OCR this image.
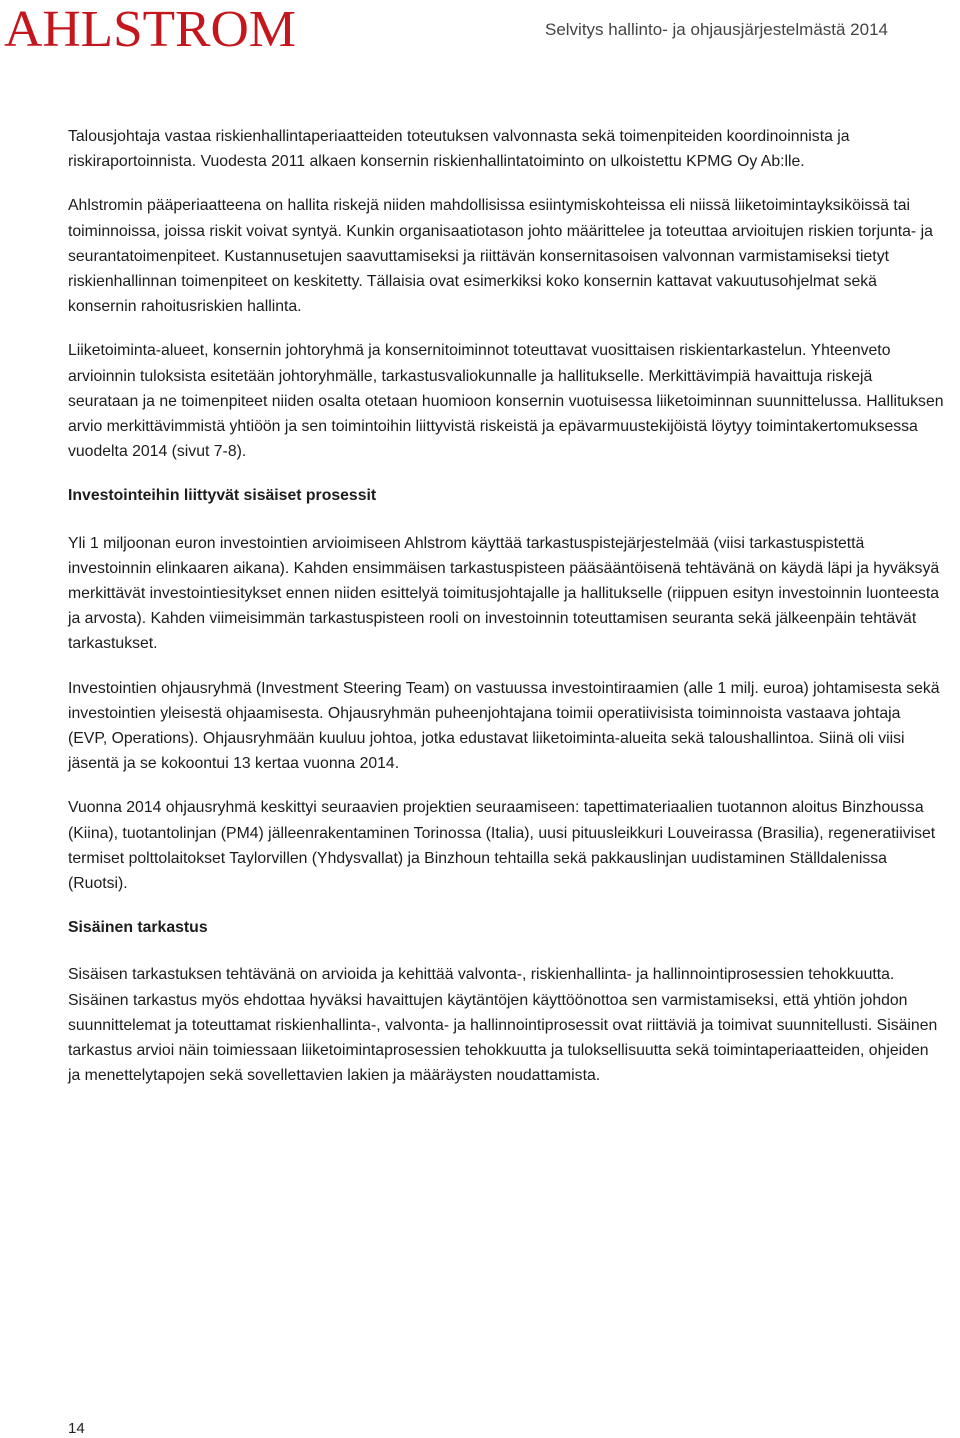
AHLSTROM	Selvitys hallinto- ja ohjausjärjestelmästä 2014

Talousjohtaja vastaa riskienhallintaperiaatteiden toteutuksen valvonnasta sekä toimenpiteiden koordinoinnista ja riskiraportoinnista. Vuodesta 2011 alkaen konsernin riskienhallintatoiminto on ulkoistettu KPMG Oy Ab:lle.

Ahlstromin pääperiaatteena on hallita riskejä niiden mahdollisissa esiintymiskohteissa eli niissä liiketoimintayksiköissä tai toiminnoissa, joissa riskit voivat syntyä. Kunkin organisaatiotason johto määrittelee ja toteuttaa arvioitujen riskien torjunta- ja seurantatoimenpiteet. Kustannusetujen saavuttamiseksi ja riittävän konsernitasoisen valvonnan varmistamiseksi tietyt riskienhallinnan toimenpiteet on keskitetty. Tällaisia ovat esimerkiksi koko konsernin kattavat vakuutusohjelmat sekä konsernin rahoitusriskien hallinta.

Liiketoiminta-alueet, konsernin johtoryhmä ja konsernitoiminnot toteuttavat vuosittaisen riskientarkastelun. Yhteenveto arvioinnin tuloksista esitetään johtoryhmälle, tarkastusvaliokunnalle ja hallitukselle. Merkittävimpiä havaittuja riskejä seurataan ja ne toimenpiteet niiden osalta otetaan huomioon konsernin vuotuisessa liiketoiminnan suunnittelussa. Hallituksen arvio merkittävimmistä yhtiöön ja sen toimintoihin liittyvistä riskeistä ja epävarmuustekijöistä löytyy toimintakertomuksessa vuodelta 2014 (sivut 7-8).

Investointeihin liittyvät sisäiset prosessit

Yli 1 miljoonan euron investointien arvioimiseen Ahlstrom käyttää tarkastuspistejärjestelmää (viisi tarkastuspistettä investoinnin elinkaaren aikana). Kahden ensimmäisen tarkastuspisteen pääsääntöisenä tehtävänä on käydä läpi ja hyväksyä merkittävät investointiesitykset ennen niiden esittelyä toimitusjohtajalle ja hallitukselle (riippuen esityn investoinnin luonteesta ja arvosta). Kahden viimeisimmän tarkastuspisteen rooli on investoinnin toteuttamisen seuranta sekä jälkeenpäin tehtävät tarkastukset.

Investointien ohjausryhmä (Investment Steering Team) on vastuussa investointiraamien (alle 1 milj. euroa) johtamisesta sekä investointien yleisestä ohjaamisesta. Ohjausryhmän puheenjohtajana toimii operatiivisista toiminnoista vastaava johtaja (EVP, Operations). Ohjausryhmään kuuluu johtoa, jotka edustavat liiketoiminta-alueita sekä taloushallintoa. Siinä oli viisi jäsentä ja se kokoontui 13 kertaa vuonna 2014.

Vuonna 2014 ohjausryhmä keskittyi seuraavien projektien seuraamiseen: tapettimateriaalien tuotannon aloitus Binzhoussa (Kiina), tuotantolinjan (PM4) jälleenrakentaminen Torinossa (Italia), uusi pituusleikkuri Louveirassa (Brasilia), regeneratiiviset termiset polttolaitokset Taylorvillen (Yhdysvallat) ja Binzhoun tehtailla sekä pakkauslinjan uudistaminen Ställdalenissa (Ruotsi).

Sisäinen tarkastus

Sisäisen tarkastuksen tehtävänä on arvioida ja kehittää valvonta-, riskienhallinta- ja hallinnointiprosessien tehokkuutta. Sisäinen tarkastus myös ehdottaa hyväksi havaittujen käytäntöjen käyttöönottoa sen varmistamiseksi, että yhtiön johdon suunnittelemat ja toteuttamat riskienhallinta-, valvonta- ja hallinnointiprosessit ovat riittäviä ja toimivat suunnitellusti. Sisäinen tarkastus arvioi näin toimiessaan liiketoimintaprosessien tehokkuutta ja tuloksellisuutta sekä toimintaperiaatteiden, ohjeiden ja menettelytapojen sekä sovellettavien lakien ja määräysten noudattamista.

14
